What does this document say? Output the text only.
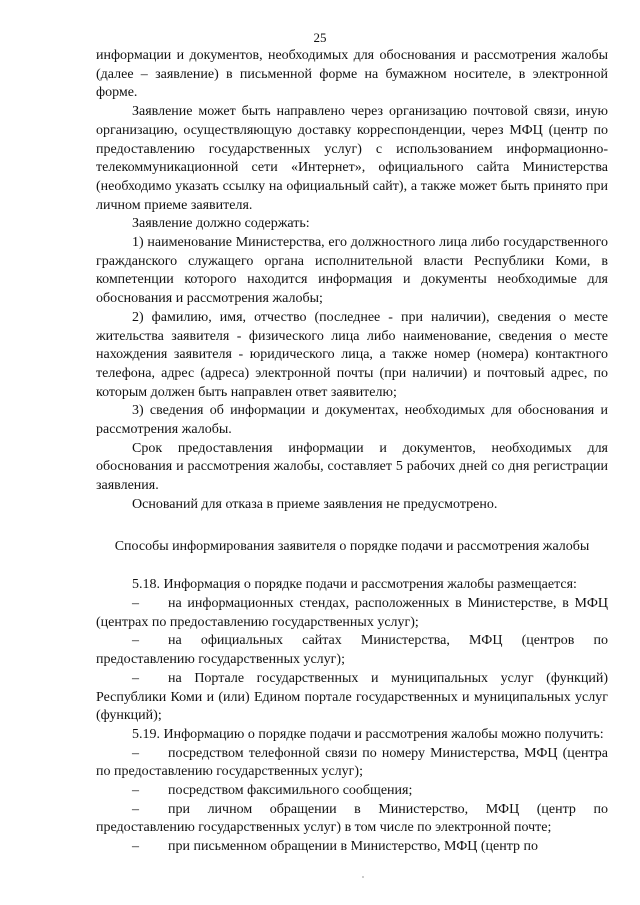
25

информации и документов, необходимых для обоснования и рассмотрения жалобы (далее – заявление) в письменной форме на бумажном носителе, в электронной форме.

Заявление может быть направлено через организацию почтовой связи, иную организацию, осуществляющую доставку корреспонденции, через МФЦ (центр по предоставлению государственных услуг) с использованием информационно-телекоммуникационной сети «Интернет», официального сайта Министерства (необходимо указать ссылку на официальный сайт), а также может быть принято при личном приеме заявителя.

Заявление должно содержать:

1) наименование Министерства, его должностного лица либо государственного гражданского служащего органа исполнительной власти Республики Коми, в компетенции которого находится информация и документы необходимые для обоснования и рассмотрения жалобы;

2) фамилию, имя, отчество (последнее - при наличии), сведения о месте жительства заявителя - физического лица либо наименование, сведения о месте нахождения заявителя - юридического лица, а также номер (номера) контактного телефона, адрес (адреса) электронной почты (при наличии) и почтовый адрес, по которым должен быть направлен ответ заявителю;

3) сведения об информации и документах, необходимых для обоснования и рассмотрения жалобы.

Срок предоставления информации и документов, необходимых для обоснования и рассмотрения жалобы, составляет 5 рабочих дней со дня регистрации заявления.

Оснований для отказа в приеме заявления не предусмотрено.

Способы информирования заявителя о порядке подачи и рассмотрения жалобы

5.18. Информация о порядке подачи и рассмотрения жалобы размещается:

– на информационных стендах, расположенных в Министерстве, в МФЦ (центрах по предоставлению государственных услуг);

– на официальных сайтах Министерства, МФЦ (центров по предоставлению государственных услуг);

– на Портале государственных и муниципальных услуг (функций) Республики Коми и (или) Едином портале государственных и муниципальных услуг (функций);

5.19. Информацию о порядке подачи и рассмотрения жалобы можно получить:

– посредством телефонной связи по номеру Министерства, МФЦ (центра по предоставлению государственных услуг);

– посредством факсимильного сообщения;

– при личном обращении в Министерство, МФЦ (центр по предоставлению государственных услуг) в том числе по электронной почте;

– при письменном обращении в Министерство, МФЦ (центр по
